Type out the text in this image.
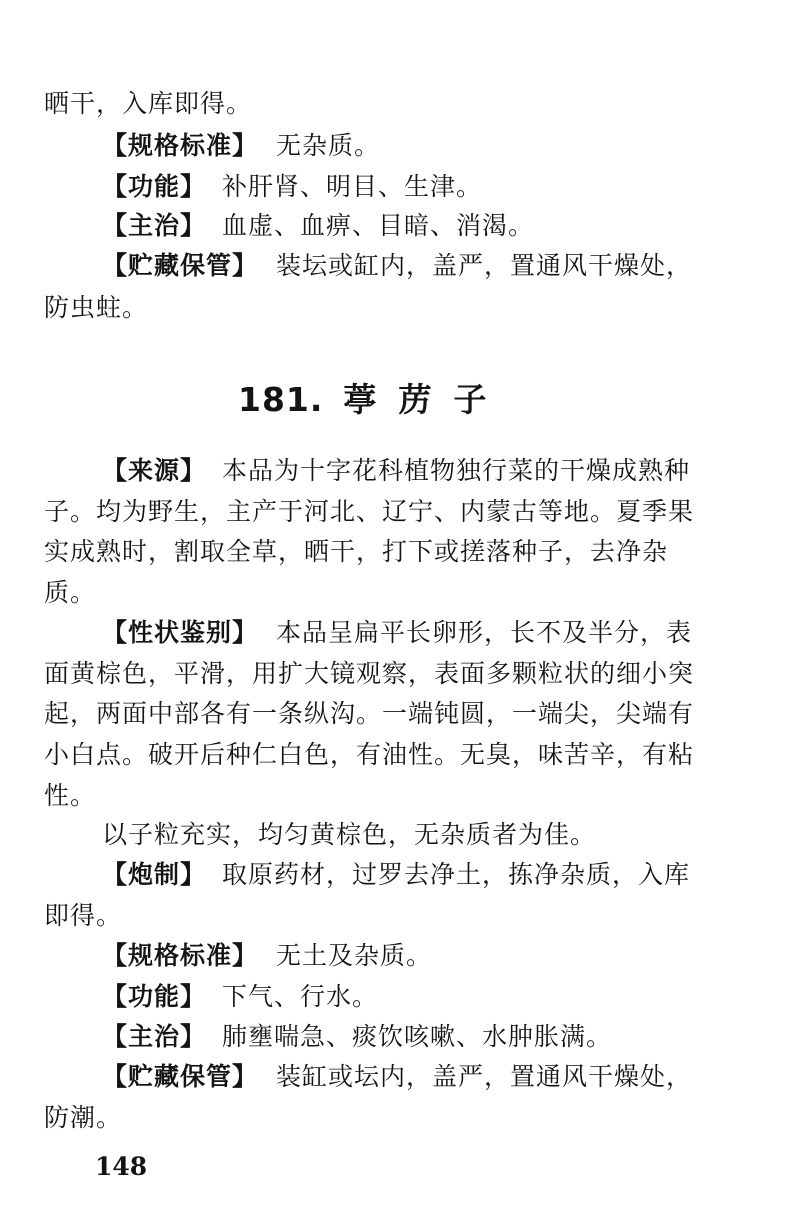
晒干，入库即得。
【规格标准】 无杂质。
【功能】 补肝肾、明目、生津。
【主治】 血虚、血痹、目暗、消渴。
【贮藏保管】 装坛或缸内，盖严，置通风干燥处，
防虫蛀。
181. 葶苈子
【来源】 本品为十字花科植物独行菜的干燥成熟种
子。均为野生，主产于河北、辽宁、内蒙古等地。夏季果
实成熟时，割取全草，晒干，打下或搓落种子，去净杂
质。
【性状鉴别】 本品呈扁平长卵形，长不及半分，表
面黄棕色，平滑，用扩大镜观察，表面多颗粒状的细小突
起，两面中部各有一条纵沟。一端钝圆，一端尖，尖端有
小白点。破开后种仁白色，有油性。无臭，味苦辛，有粘
性。
以子粒充实，均匀黄棕色，无杂质者为佳。
【炮制】 取原药材，过罗去净土，拣净杂质，入库
即得。
【规格标准】 无土及杂质。
【功能】 下气、行水。
【主治】 肺壅喘急、痰饮咳嗽、水肿胀满。
【贮藏保管】 装缸或坛内，盖严，置通风干燥处，
防潮。
148
